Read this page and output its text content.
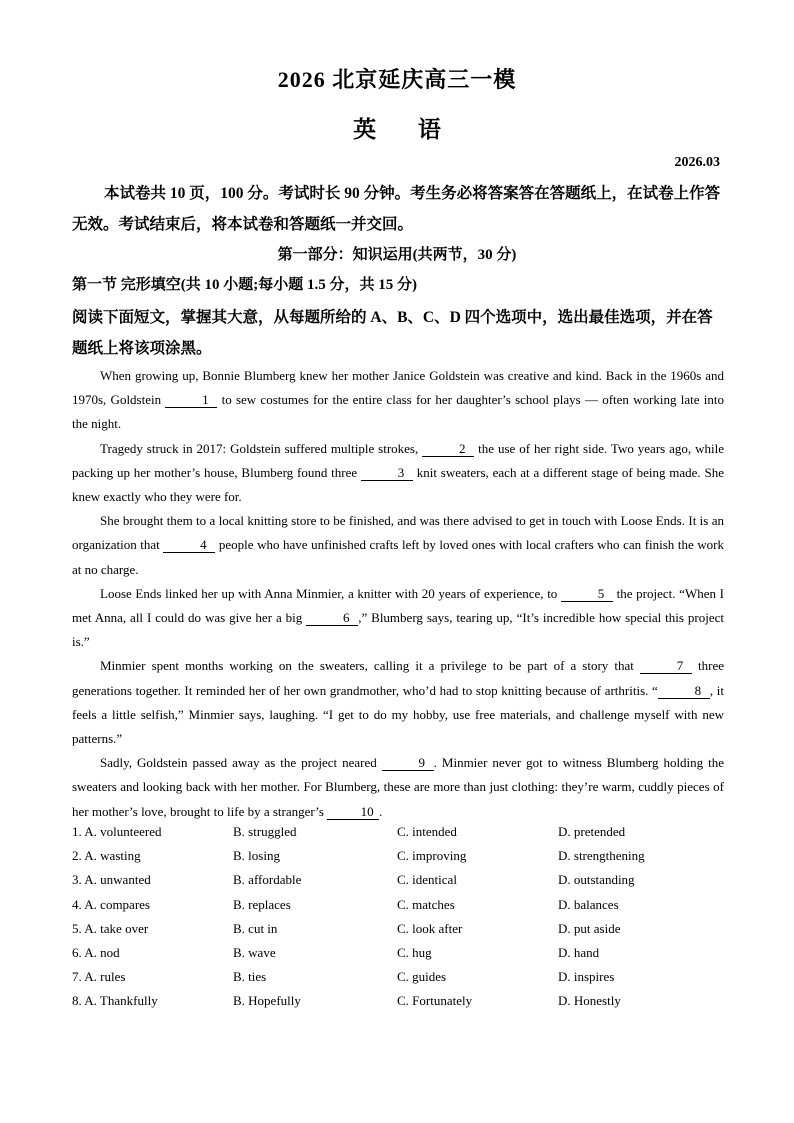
2026 北京延庆高三一模
英 语
2026.03
本试卷共 10 页，100 分。考试时长 90 分钟。考生务必将答案答在答题纸上，在试卷上作答无效。考试结束后，将本试卷和答题纸一并交回。
第一部分：知识运用(共两节，30 分)
第一节 完形填空(共 10 小题;每小题 1.5 分，共 15 分)
阅读下面短文，掌握其大意，从每题所给的 A、B、C、D 四个选项中，选出最佳选项，并在答题纸上将该项涂黑。

When growing up, Bonnie Blumberg knew her mother Janice Goldstein was creative and kind. Back in the 1960s and 1970s, Goldstein	1 to sew costumes for the entire class for her daughter’s school plays — often working late into the night.

Tragedy struck in 2017: Goldstein suffered multiple strokes,	2 the use of her right side. Two years ago, while packing up her mother’s house, Blumberg found three	3 knit sweaters, each at a different stage of being made. She knew exactly who they were for.

She brought them to a local knitting store to be finished, and was there advised to get in touch with Loose Ends. It is an organization that	4 people who have unfinished crafts left by loved ones with local crafters who can finish the work at no charge.

Loose Ends linked her up with Anna Minmier, a knitter with 20 years of experience, to	5 the project. “When I met Anna, all I could do was give her a big	6 ,” Blumberg says, tearing up, “It’s incredible how special this project is.”

Minmier spent months working on the sweaters, calling it a privilege to be part of a story that	7 three generations together. It reminded her of her own grandmother, who’d had to stop knitting because of arthritis. “	8 , it feels a little selfish,” Minmier says, laughing. “I get to do my hobby, use free materials, and challenge myself with new patterns.”

Sadly, Goldstein passed away as the project neared	9 . Minmier never got to witness Blumberg holding the sweaters and looking back with her mother. For Blumberg, these are more than just clothing: they’re warm, cuddly pieces of her mother’s love, brought to life by a stranger’s	10 .

1. A. volunteered	B. struggled	C. intended	D. pretended
2. A. wasting	B. losing	C. improving	D. strengthening
3. A. unwanted	B. affordable	C. identical	D. outstanding
4. A. compares	B. replaces	C. matches	D. balances
5. A. take over	B. cut in	C. look after	D. put aside
6. A. nod	B. wave	C. hug	D. hand
7. A. rules	B. ties	C. guides	D. inspires
8. A. Thankfully	B. Hopefully	C. Fortunately	D. Honestly
